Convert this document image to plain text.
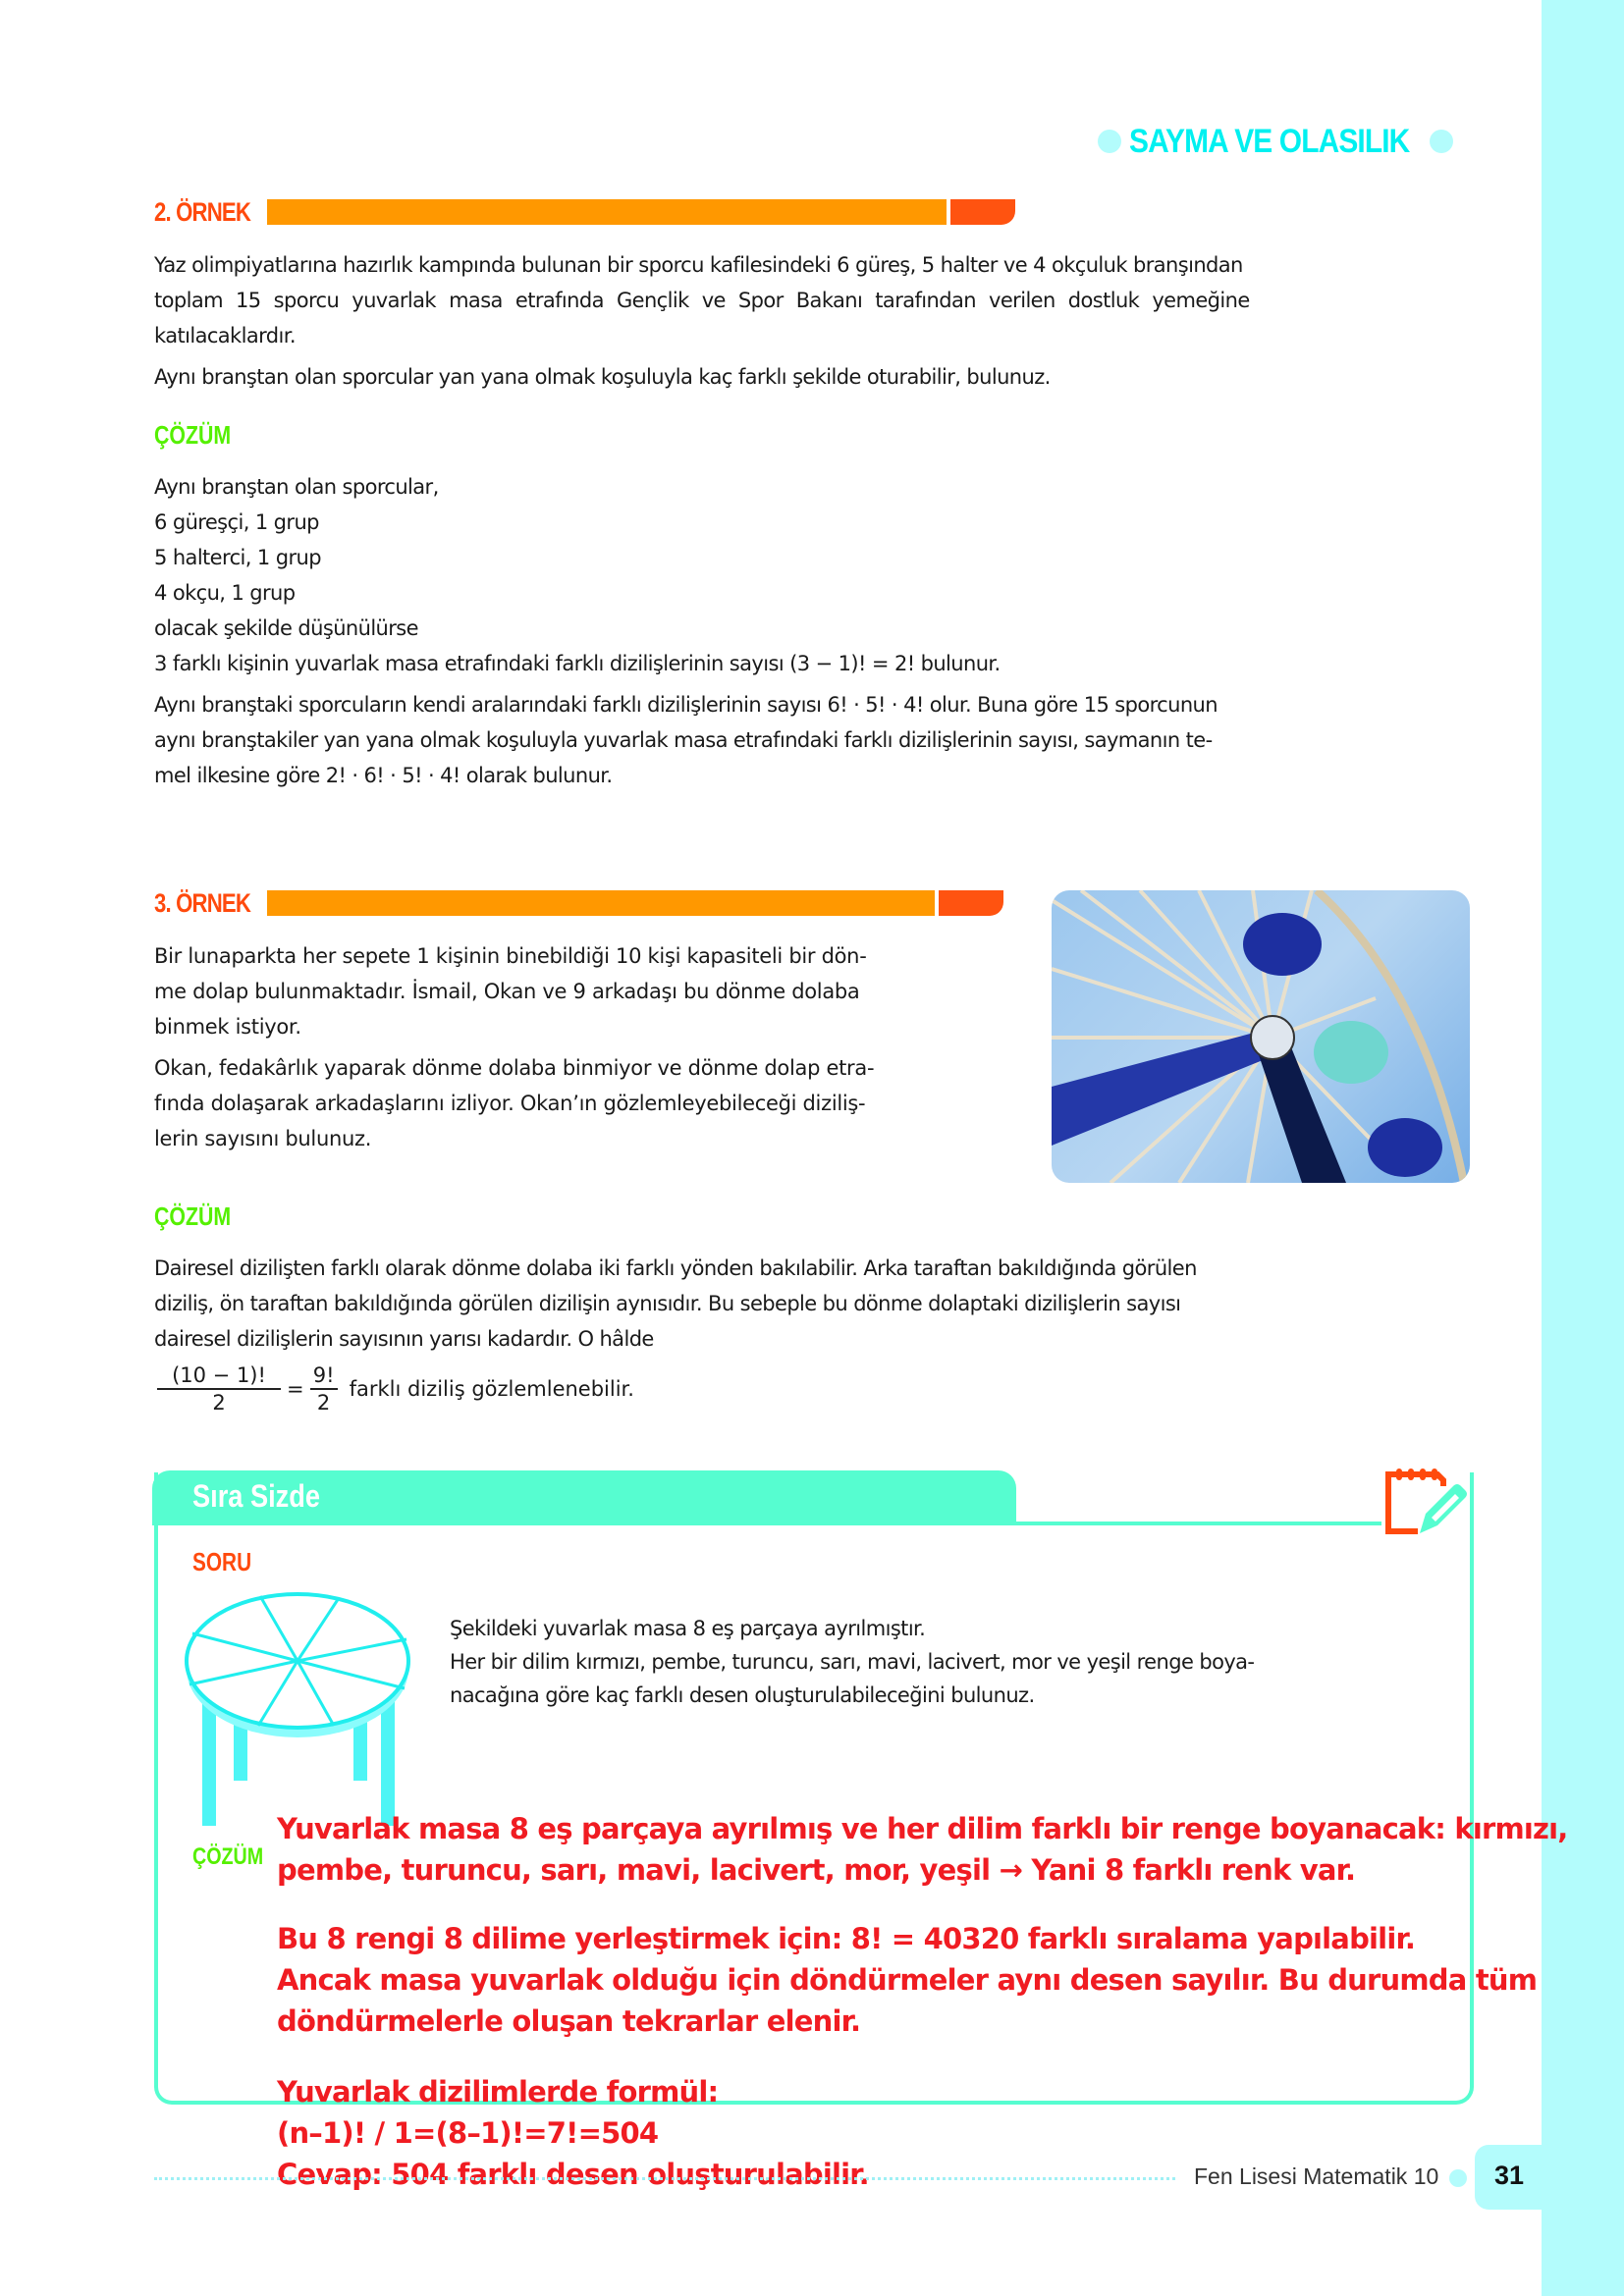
SAYMA VE OLASILIK
2. ÖRNEK
Yaz olimpiyatlarına hazırlık kampında bulunan bir sporcu kafilesindeki 6 güreş, 5 halter ve 4 okçuluk branşından
toplam 15 sporcu yuvarlak masa etrafında Gençlik ve Spor Bakanı tarafından verilen dostluk yemeğine
katılacaklardır.
Aynı branştan olan sporcular yan yana olmak koşuluyla kaç farklı şekilde oturabilir, bulunuz.
ÇÖZÜM
Aynı branştan olan sporcular,
6 güreşçi, 1 grup
5 halterci, 1 grup
4 okçu, 1 grup
olacak şekilde düşünülürse
3 farklı kişinin yuvarlak masa etrafındaki farklı dizilişlerinin sayısı (3 − 1)! = 2! bulunur.
Aynı branştaki sporcuların kendi aralarındaki farklı dizilişlerinin sayısı 6! · 5! · 4! olur. Buna göre 15 sporcunun
aynı branştakiler yan yana olmak koşuluyla yuvarlak masa etrafındaki farklı dizilişlerinin sayısı, saymanın te-
mel ilkesine göre 2! · 6! · 5! · 4! olarak bulunur.
3. ÖRNEK
Bir lunaparkta her sepete 1 kişinin binebildiği 10 kişi kapasiteli bir dön-
me dolap bulunmaktadır. İsmail, Okan ve 9 arkadaşı bu dönme dolaba
binmek istiyor.
Okan, fedakârlık yaparak dönme dolaba binmiyor ve dönme dolap etra-
fında dolaşarak arkadaşlarını izliyor. Okan’ın gözlemleyebileceği diziliş-
lerin sayısını bulunuz.
ÇÖZÜM
Dairesel dizilişten farklı olarak dönme dolaba iki farklı yönden bakılabilir. Arka taraftan bakıldığında görülen
diziliş, ön taraftan bakıldığında görülen dizilişin aynısıdır. Bu sebeple bu dönme dolaptaki dizilişlerin sayısı
dairesel dizilişlerin sayısının yarısı kadardır. O hâlde
$\frac{(10 - 1)!}{2} = \frac{9!}{2}$ farklı diziliş gözlemlenebilir.
Sıra Sizde
SORU
Şekildeki yuvarlak masa 8 eş parçaya ayrılmıştır.
Her bir dilim kırmızı, pembe, turuncu, sarı, mavi, lacivert, mor ve yeşil renge boya-
nacağına göre kaç farklı desen oluşturulabileceğini bulunuz.
ÇÖZÜM
Yuvarlak masa 8 eş parçaya ayrılmış ve her dilim farklı bir renge boyanacak: kırmızı,
pembe, turuncu, sarı, mavi, lacivert, mor, yeşil → Yani 8 farklı renk var.
Bu 8 rengi 8 dilime yerleştirmek için: 8! = 40320 farklı sıralama yapılabilir.
Ancak masa yuvarlak olduğu için döndürmeler aynı desen sayılır. Bu durumda tüm
döndürmelerle oluşan tekrarlar elenir.
Yuvarlak dizilimlerde formül:
(n–1)! / 1=(8–1)!=7!=504
Cevap: 504 farklı desen oluşturulabilir.	Fen Lisesi Matematik 10 31
